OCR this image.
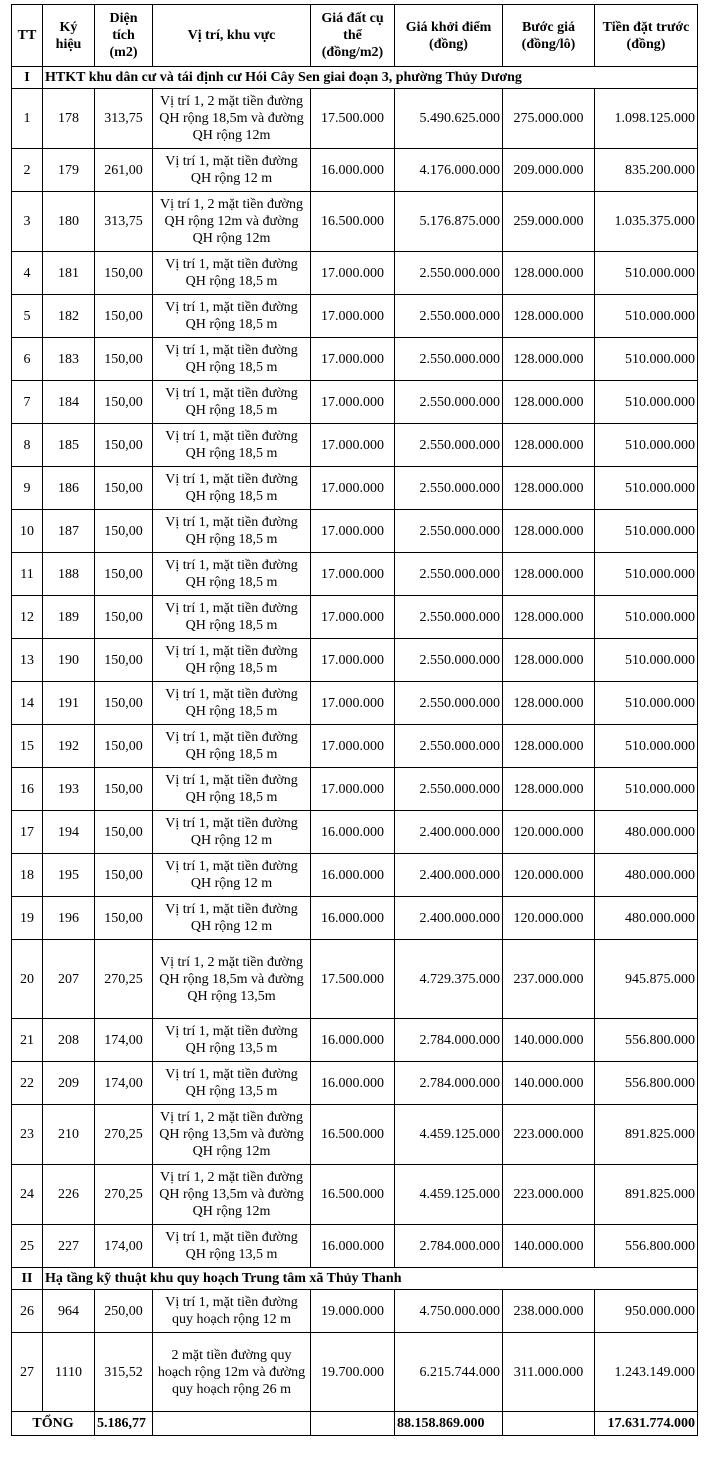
TT	Ký hiệu	Diện tích (m2)	Vị trí, khu vực	Giá đất cụ thể (đồng/m2)	Giá khởi điểm (đồng)	Bước giá (đồng/lô)	Tiền đặt trước (đồng)
I	HTKT khu dân cư và tái định cư Hói Cây Sen giai đoạn 3, phường Thủy Dương						
1	178	313,75	Vị trí 1, 2 mặt tiền đường QH rộng 18,5m và đường QH rộng 12m	17.500.000	5.490.625.000	275.000.000	1.098.125.000
2	179	261,00	Vị trí 1, mặt tiền đường QH rộng 12 m	16.000.000	4.176.000.000	209.000.000	835.200.000
3	180	313,75	Vị trí 1, 2 mặt tiền đường QH rộng 12m và đường QH rộng 12m	16.500.000	5.176.875.000	259.000.000	1.035.375.000
4	181	150,00	Vị trí 1, mặt tiền đường QH rộng 18,5 m	17.000.000	2.550.000.000	128.000.000	510.000.000
5	182	150,00	Vị trí 1, mặt tiền đường QH rộng 18,5 m	17.000.000	2.550.000.000	128.000.000	510.000.000
6	183	150,00	Vị trí 1, mặt tiền đường QH rộng 18,5 m	17.000.000	2.550.000.000	128.000.000	510.000.000
7	184	150,00	Vị trí 1, mặt tiền đường QH rộng 18,5 m	17.000.000	2.550.000.000	128.000.000	510.000.000
8	185	150,00	Vị trí 1, mặt tiền đường QH rộng 18,5 m	17.000.000	2.550.000.000	128.000.000	510.000.000
9	186	150,00	Vị trí 1, mặt tiền đường QH rộng 18,5 m	17.000.000	2.550.000.000	128.000.000	510.000.000
10	187	150,00	Vị trí 1, mặt tiền đường QH rộng 18,5 m	17.000.000	2.550.000.000	128.000.000	510.000.000
11	188	150,00	Vị trí 1, mặt tiền đường QH rộng 18,5 m	17.000.000	2.550.000.000	128.000.000	510.000.000
12	189	150,00	Vị trí 1, mặt tiền đường QH rộng 18,5 m	17.000.000	2.550.000.000	128.000.000	510.000.000
13	190	150,00	Vị trí 1, mặt tiền đường QH rộng 18,5 m	17.000.000	2.550.000.000	128.000.000	510.000.000
14	191	150,00	Vị trí 1, mặt tiền đường QH rộng 18,5 m	17.000.000	2.550.000.000	128.000.000	510.000.000
15	192	150,00	Vị trí 1, mặt tiền đường QH rộng 18,5 m	17.000.000	2.550.000.000	128.000.000	510.000.000
16	193	150,00	Vị trí 1, mặt tiền đường QH rộng 18,5 m	17.000.000	2.550.000.000	128.000.000	510.000.000
17	194	150,00	Vị trí 1, mặt tiền đường QH rộng 12 m	16.000.000	2.400.000.000	120.000.000	480.000.000
18	195	150,00	Vị trí 1, mặt tiền đường QH rộng 12 m	16.000.000	2.400.000.000	120.000.000	480.000.000
19	196	150,00	Vị trí 1, mặt tiền đường QH rộng 12 m	16.000.000	2.400.000.000	120.000.000	480.000.000
20	207	270,25	Vị trí 1, 2 mặt tiền đường QH rộng 18,5m và đường QH rộng 13,5m	17.500.000	4.729.375.000	237.000.000	945.875.000
21	208	174,00	Vị trí 1, mặt tiền đường QH rộng 13,5 m	16.000.000	2.784.000.000	140.000.000	556.800.000
22	209	174,00	Vị trí 1, mặt tiền đường QH rộng 13,5 m	16.000.000	2.784.000.000	140.000.000	556.800.000
23	210	270,25	Vị trí 1, 2 mặt tiền đường QH rộng 13,5m và đường QH rộng 12m	16.500.000	4.459.125.000	223.000.000	891.825.000
24	226	270,25	Vị trí 1, 2 mặt tiền đường QH rộng 13,5m và đường QH rộng 12m	16.500.000	4.459.125.000	223.000.000	891.825.000
25	227	174,00	Vị trí 1, mặt tiền đường QH rộng 13,5 m	16.000.000	2.784.000.000	140.000.000	556.800.000
II	Hạ tầng kỹ thuật khu quy hoạch Trung tâm xã Thủy Thanh						
26	964	250,00	Vị trí 1, mặt tiền đường quy hoạch rộng 12 m	19.000.000	4.750.000.000	238.000.000	950.000.000
27	1110	315,52	2 mặt tiền đường quy hoạch rộng 12m và đường quy hoạch rộng 26 m	19.700.000	6.215.744.000	311.000.000	1.243.149.000
TỔNG		5.186,77			88.158.869.000		17.631.774.000
